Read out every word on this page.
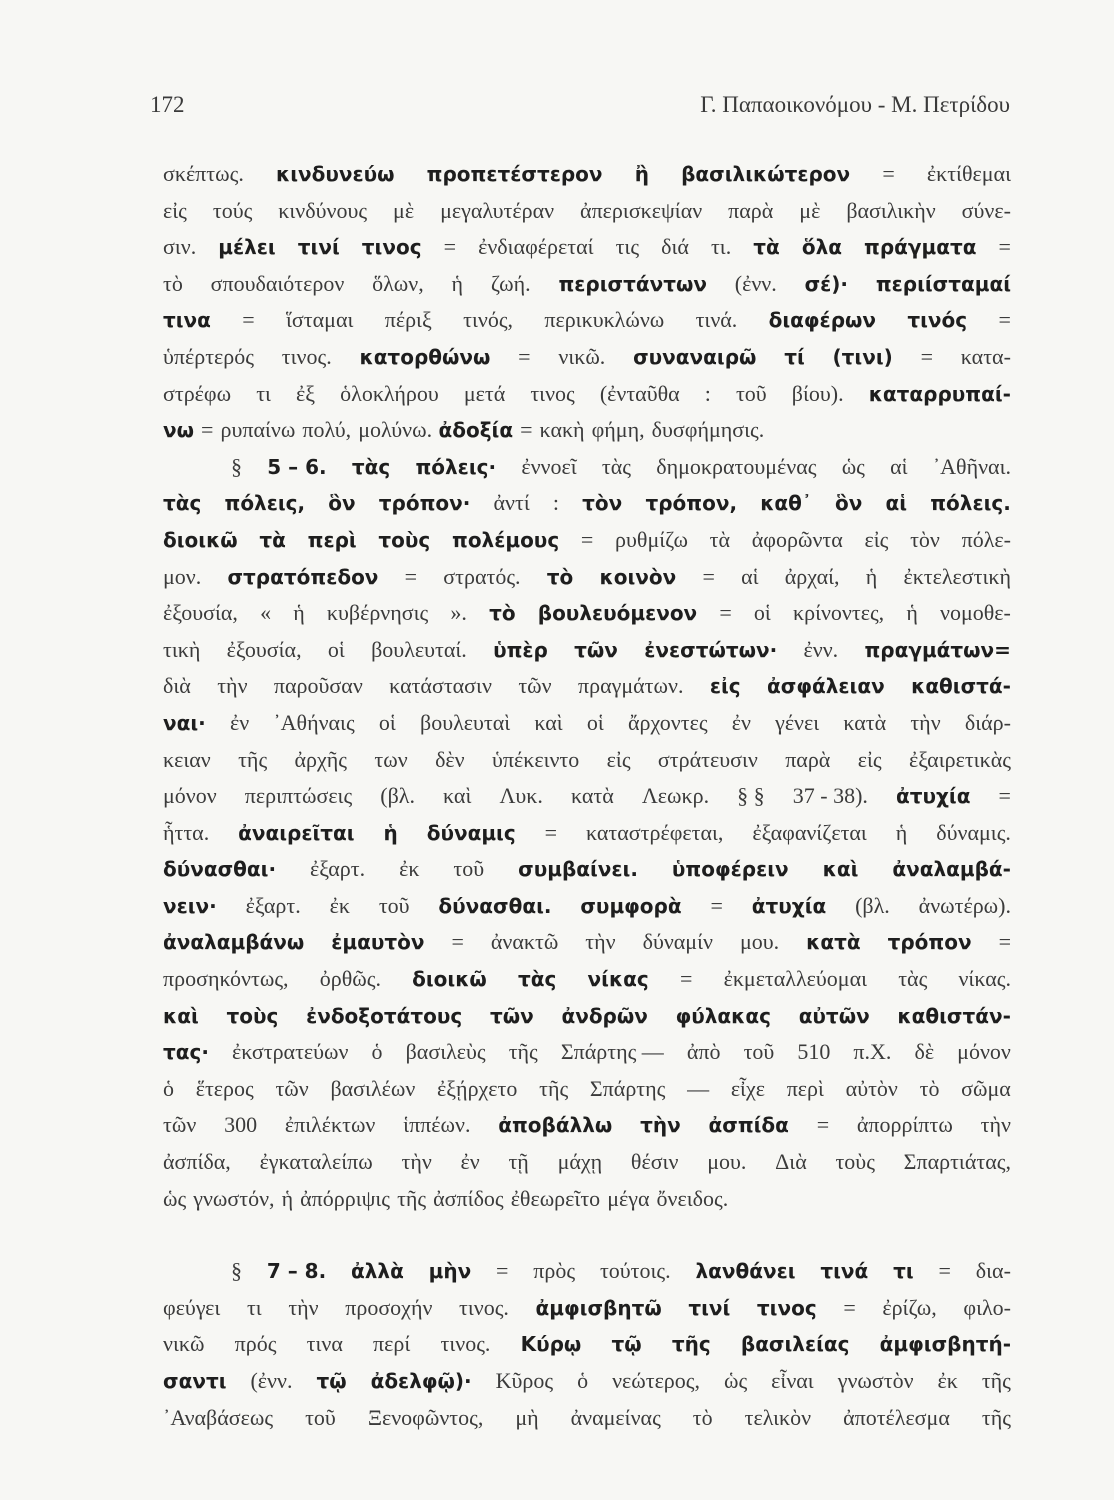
172	Γ. Παπαοικονόμου - Μ. Πετρίδου
σκέπτως. κινδυνεύω προπετέστερον ἢ βασιλικώτερον = ἐκτίθεμαι
εἰς τούς κινδύνους μὲ μεγαλυτέραν ἀπερισκεψίαν παρὰ μὲ βασιλικὴν σύνε-
σιν. μέλει τινί τινος = ἐνδιαφέρεταί τις διά τι. τὰ ὅλα πράγματα =
τὸ σπουδαιότερον ὅλων, ἡ ζωή. περιστάντων (ἐνν. σέ)· περιίσταμαί
τινα = ἵσταμαι πέριξ τινός, περικυκλώνω τινά. διαφέρων τινός =
ὑπέρτερός τινος. κατορθώνω = νικῶ. συναναιρῶ τί (τινι) = κατα-
στρέφω τι ἐξ ὁλοκλήρου μετά τινος (ἐνταῦθα : τοῦ βίου). καταρρυπαί-
νω = ρυπαίνω πολύ, μολύνω. ἀδοξία = κακὴ φήμη, δυσφήμησις.
§ 5 – 6. τὰς πόλεις· ἐννοεῖ τὰς δημοκρατουμένας ὡς αἱ ᾿Αθῆναι.
τὰς πόλεις, ὃν τρόπον· ἀντί : τὸν τρόπον, καθ᾿ ὃν αἱ πόλεις.
διοικῶ τὰ περὶ τοὺς πολέμους = ρυθμίζω τὰ ἀφορῶντα εἰς τὸν πόλε-
μον. στρατόπεδον = στρατός. τὸ κοινὸν = αἱ ἀρχαί, ἡ ἐκτελεστικὴ
ἐξουσία, « ἡ κυβέρνησις ». τὸ βουλευόμενον = οἱ κρίνοντες, ἡ νομοθε-
τικὴ ἐξουσία, οἱ βουλευταί. ὑπὲρ τῶν ἐνεστώτων· ἐνν. πραγμάτων=
διὰ τὴν παροῦσαν κατάστασιν τῶν πραγμάτων. εἰς ἀσφάλειαν καθιστά-
ναι· ἐν ᾿Αθήναις οἱ βουλευταὶ καὶ οἱ ἄρχοντες ἐν γένει κατὰ τὴν διάρ-
κειαν τῆς ἀρχῆς των δὲν ὑπέκειντο εἰς στράτευσιν παρὰ εἰς ἐξαιρετικὰς
μόνον περιπτώσεις (βλ. καὶ Λυκ. κατὰ Λεωκρ. § § 37 - 38). ἀτυχία =
ἧττα. ἀναιρεῖται ἡ δύναμις = καταστρέφεται, ἐξαφανίζεται ἡ δύναμις.
δύνασθαι· ἐξαρτ. ἐκ τοῦ συμβαίνει. ὑποφέρειν καὶ ἀναλαμβά-
νειν· ἐξαρτ. ἐκ τοῦ δύνασθαι. συμφορὰ = ἀτυχία (βλ. ἀνωτέρω).
ἀναλαμβάνω ἐμαυτὸν = ἀνακτῶ τὴν δύναμίν μου. κατὰ τρόπον =
προσηκόντως, ὀρθῶς. διοικῶ τὰς νίκας = ἐκμεταλλεύομαι τὰς νίκας.
καὶ τοὺς ἐνδοξοτάτους τῶν ἀνδρῶν φύλακας αὐτῶν καθιστάν-
τας· ἐκστρατεύων ὁ βασιλεὺς τῆς Σπάρτης — ἀπὸ τοῦ 510 π.Χ. δὲ μόνον
ὁ ἕτερος τῶν βασιλέων ἐξῄρχετο τῆς Σπάρτης — εἶχε περὶ αὐτὸν τὸ σῶμα
τῶν 300 ἐπιλέκτων ἱππέων. ἀποβάλλω τὴν ἀσπίδα = ἀπορρίπτω τὴν
ἀσπίδα, ἐγκαταλείπω τὴν ἐν τῇ μάχῃ θέσιν μου. Διὰ τοὺς Σπαρτιάτας,
ὡς γνωστόν, ἡ ἀπόρριψις τῆς ἀσπίδος ἐθεωρεῖτο μέγα ὄνειδος.
§ 7 – 8. ἀλλὰ μὴν = πρὸς τούτοις. λανθάνει τινά τι = δια-
φεύγει τι τὴν προσοχήν τινος. ἀμφισβητῶ τινί τινος = ἐρίζω, φιλο-
νικῶ πρός τινα περί τινος. Κύρῳ τῷ τῆς βασιλείας ἀμφισβητή-
σαντι (ἐνν. τῷ ἀδελφῷ)· Κῦρος ὁ νεώτερος, ὡς εἶναι γνωστὸν ἐκ τῆς
᾿Αναβάσεως τοῦ Ξενοφῶντος, μὴ ἀναμείνας τὸ τελικὸν ἀποτέλεσμα τῆς
